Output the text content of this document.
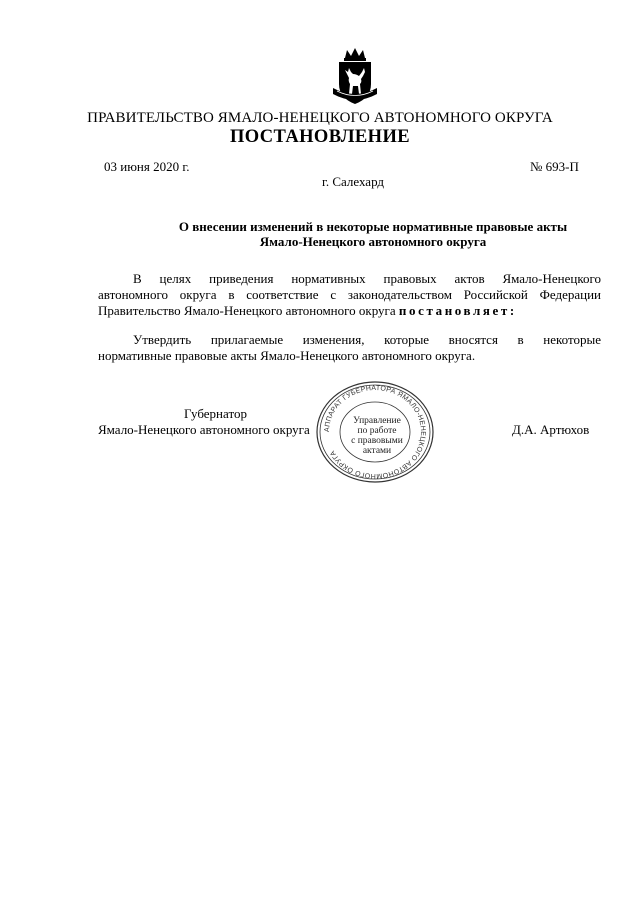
ПРАВИТЕЛЬСТВО ЯМАЛО-НЕНЕЦКОГО АВТОНОМНОГО ОКРУГА
ПОСТАНОВЛЕНИЕ
03 июня 2020 г.	№ 693-П
г. Салехард
О внесении изменений в некоторые нормативные правовые акты
Ямало-Ненецкого автономного округа
В целях приведения нормативных правовых актов Ямало-Ненецкого
автономного округа в соответствие с законодательством Российской Федерации
Правительство Ямало-Ненецкого автономного округа постановляет:
Утвердить прилагаемые изменения, которые вносятся в некоторые
нормативные правовые акты Ямало-Ненецкого автономного округа.
Губернатор
Ямало-Ненецкого автономного округа	Д.А. Артюхов
АППАРАТ ГУБЕРНАТОРА ЯМАЛО-НЕНЕЦКОГО АВТОНОМНОГО ОКРУГА
Управление
по работе
с правовыми
актами
